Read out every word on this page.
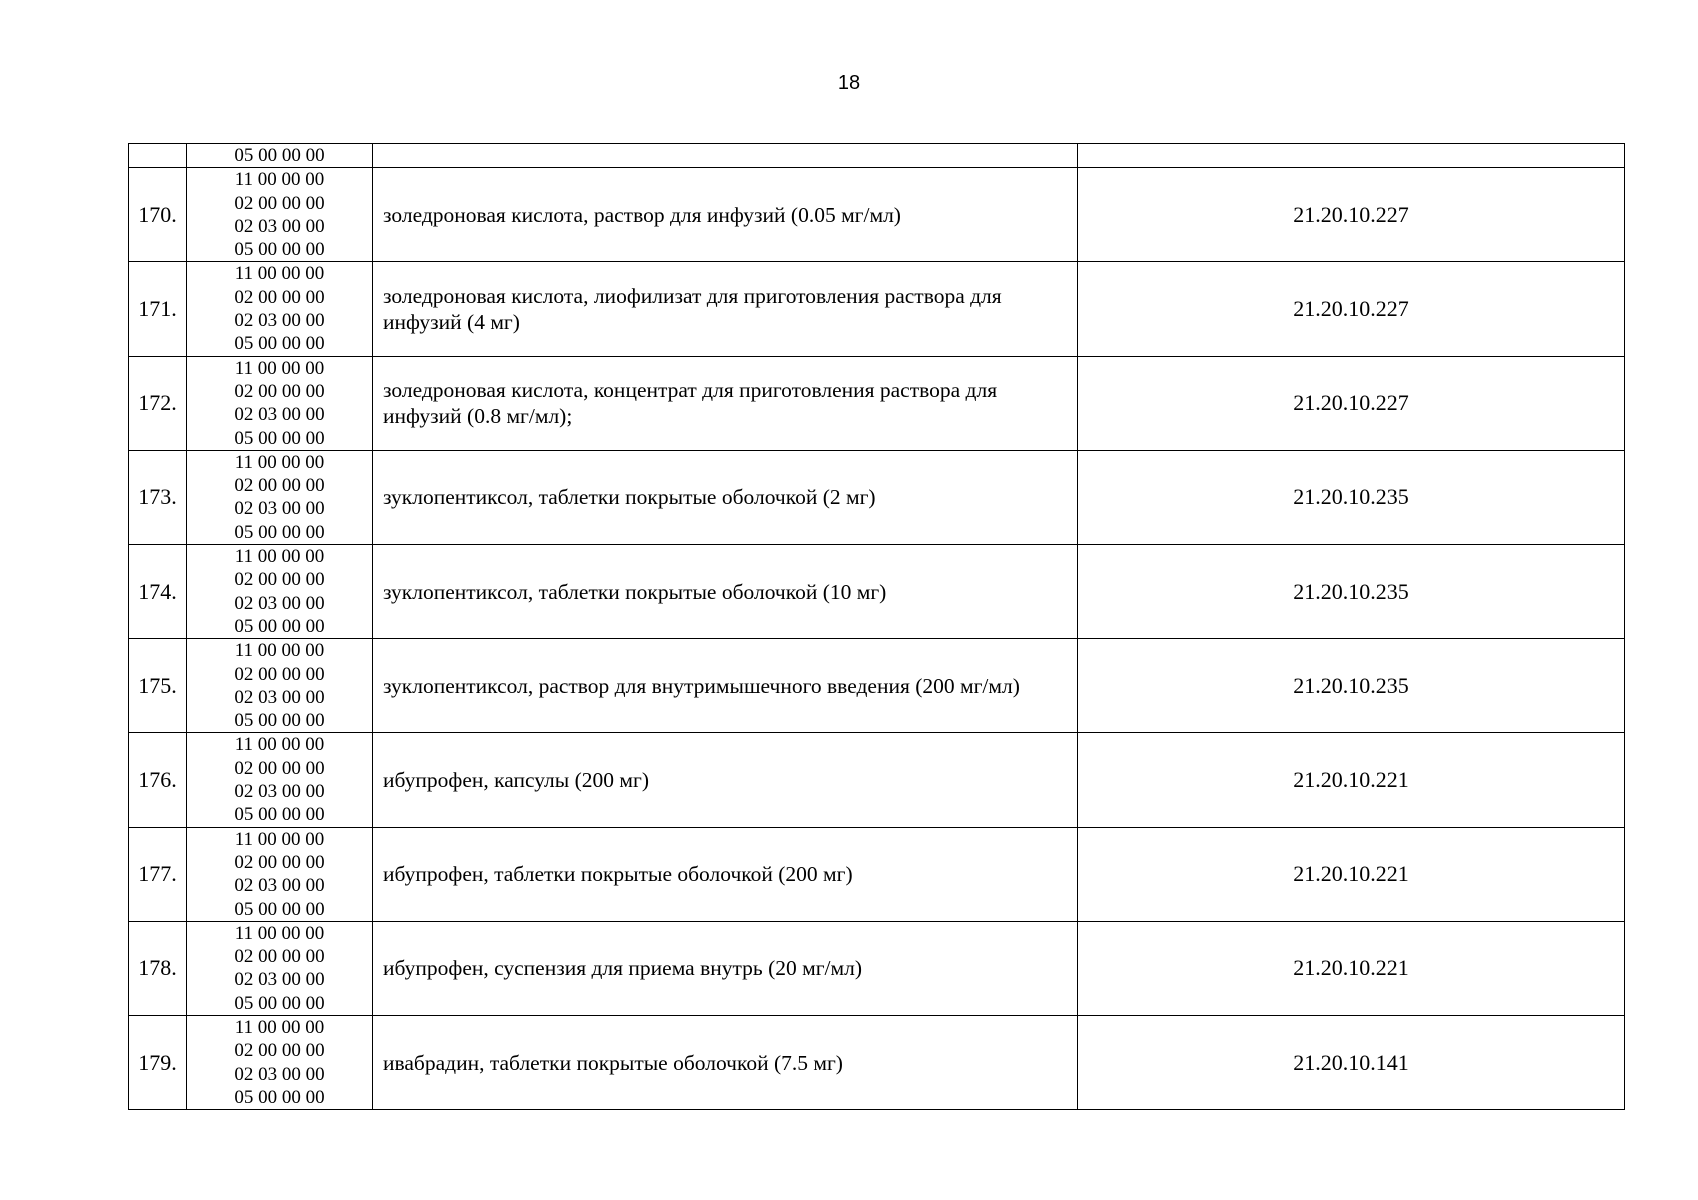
18

	05 00 00 00		

170.	11 00 00 00
02 00 00 00
02 03 00 00
05 00 00 00	золедроновая кислота, раствор для инфузий (0.05 мг/мл)	21.20.10.227
171.	11 00 00 00
02 00 00 00
02 03 00 00
05 00 00 00	золедроновая кислота, лиофилизат для приготовления раствора для инфузий (4 мг)	21.20.10.227
172.	11 00 00 00
02 00 00 00
02 03 00 00
05 00 00 00	золедроновая кислота, концентрат для приготовления раствора для инфузий (0.8 мг/мл);	21.20.10.227
173.	11 00 00 00
02 00 00 00
02 03 00 00
05 00 00 00	зуклопентиксол, таблетки покрытые оболочкой (2 мг)	21.20.10.235
174.	11 00 00 00
02 00 00 00
02 03 00 00
05 00 00 00	зуклопентиксол, таблетки покрытые оболочкой (10 мг)	21.20.10.235
175.	11 00 00 00
02 00 00 00
02 03 00 00
05 00 00 00	зуклопентиксол, раствор для внутримышечного введения (200 мг/мл)	21.20.10.235
176.	11 00 00 00
02 00 00 00
02 03 00 00
05 00 00 00	ибупрофен, капсулы (200 мг)	21.20.10.221
177.	11 00 00 00
02 00 00 00
02 03 00 00
05 00 00 00	ибупрофен, таблетки покрытые оболочкой (200 мг)	21.20.10.221
178.	11 00 00 00
02 00 00 00
02 03 00 00
05 00 00 00	ибупрофен, суспензия для приема внутрь (20 мг/мл)	21.20.10.221
179.	11 00 00 00
02 00 00 00
02 03 00 00
05 00 00 00	ивабрадин, таблетки покрытые оболочкой (7.5 мг)	21.20.10.141
